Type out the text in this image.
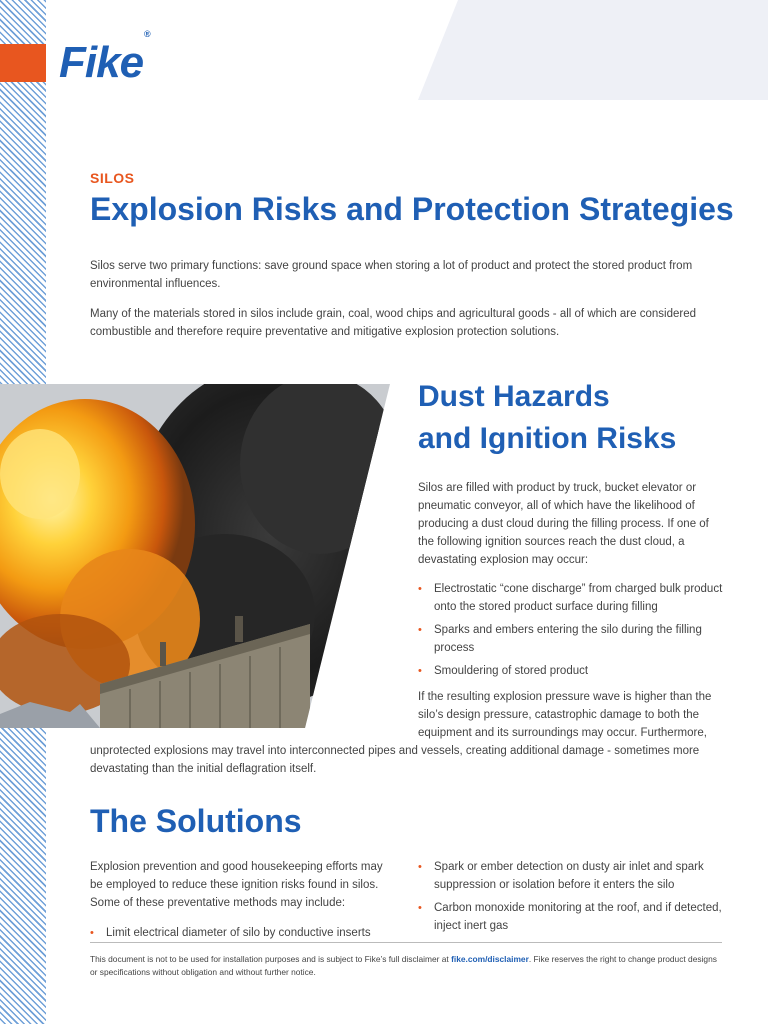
Fike®
SILOS
Explosion Risks and Protection Strategies
Silos serve two primary functions: save ground space when storing a lot of product and protect the stored product from environmental influences.
Many of the materials stored in silos include grain, coal, wood chips and agricultural goods - all of which are considered combustible and therefore require preventative and mitigative explosion protection solutions.
Dust Hazards
and Ignition Risks
Silos are filled with product by truck, bucket elevator or pneumatic conveyor, all of which have the likelihood of producing a dust cloud during the filling process. If one of the following ignition sources reach the dust cloud, a devastating explosion may occur:
• Electrostatic “cone discharge” from charged bulk product onto the stored product surface during filling
• Sparks and embers entering the silo during the filling process
• Smouldering of stored product
If the resulting explosion pressure wave is higher than the silo’s design pressure, catastrophic damage to both the equipment and its surroundings may occur. Furthermore,
unprotected explosions may travel into interconnected pipes and vessels, creating additional damage - sometimes more devastating than the initial deflagration itself.
The Solutions
Explosion prevention and good housekeeping efforts may be employed to reduce these ignition risks found in silos. Some of these preventative methods may include:
• Limit electrical diameter of silo by conductive inserts
• Spark or ember detection on dusty air inlet and spark suppression or isolation before it enters the silo
• Carbon monoxide monitoring at the roof, and if detected, inject inert gas
This document is not to be used for installation purposes and is subject to Fike’s full disclaimer at fike.com/disclaimer. Fike reserves the right to change product designs or specifications without obligation and without further notice.
